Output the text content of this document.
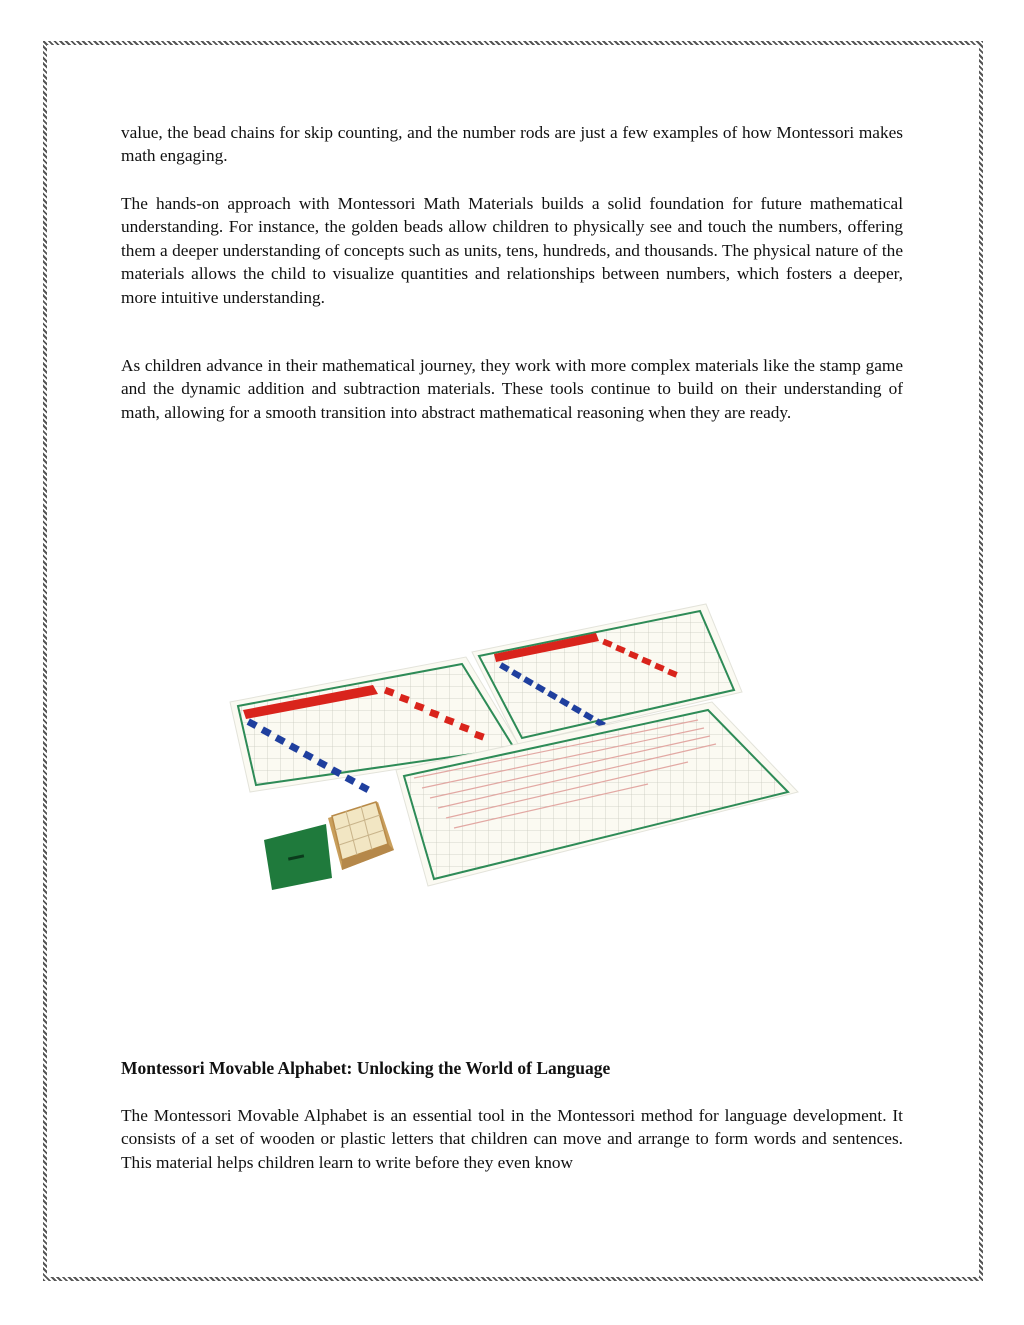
value, the bead chains for skip counting, and the number rods are just a few examples of how Montessori makes math engaging.

The hands-on approach with Montessori Math Materials builds a solid foundation for future mathematical understanding. For instance, the golden beads allow children to physically see and touch the numbers, offering them a deeper understanding of concepts such as units, tens, hundreds, and thousands. The physical nature of the materials allows the child to visualize quantities and relationships between numbers, which fosters a deeper, more intuitive understanding.

As children advance in their mathematical journey, they work with more complex materials like the stamp game and the dynamic addition and subtraction materials. These tools continue to build on their understanding of math, allowing for a smooth transition into abstract mathematical reasoning when they are ready.

Montessori Movable Alphabet: Unlocking the World of Language

The Montessori Movable Alphabet is an essential tool in the Montessori method for language development. It consists of a set of wooden or plastic letters that children can move and arrange to form words and sentences. This material helps children learn to write before they even know
